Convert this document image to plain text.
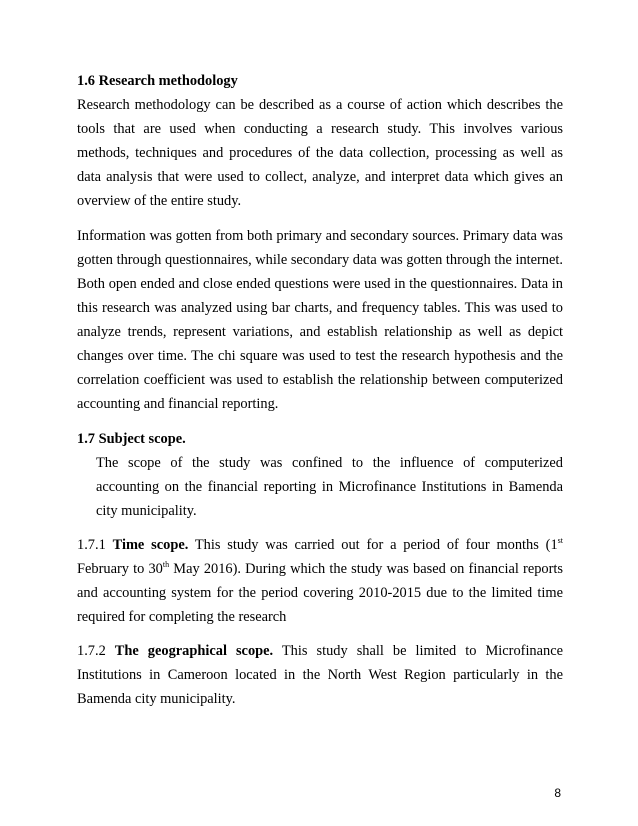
1.6 Research methodology

Research methodology can be described as a course of action which describes the tools that are used when conducting a research study. This involves various methods, techniques and procedures of the data collection, processing as well as data analysis that were used to collect, analyze, and interpret data which gives an overview of the entire study.

Information was gotten from both primary and secondary sources. Primary data was gotten through questionnaires, while secondary data was gotten through the internet. Both open ended and close ended questions were used in the questionnaires. Data in this research was analyzed using bar charts, and frequency tables. This was used to analyze trends, represent variations, and establish relationship as well as depict changes over time. The chi square was used to test the research hypothesis and the correlation coefficient was used to establish the relationship between computerized accounting and financial reporting.

1.7 Subject scope.

The scope of the study was confined to the influence of computerized accounting on the financial reporting in Microfinance Institutions in Bamenda city municipality.

1.7.1 Time scope. This study was carried out for a period of four months (1st February to 30th May 2016). During which the study was based on financial reports and accounting system for the period covering 2010-2015 due to the limited time required for completing the research

1.7.2 The geographical scope. This study shall be limited to Microfinance Institutions in Cameroon located in the North West Region particularly in the Bamenda city municipality.

8
